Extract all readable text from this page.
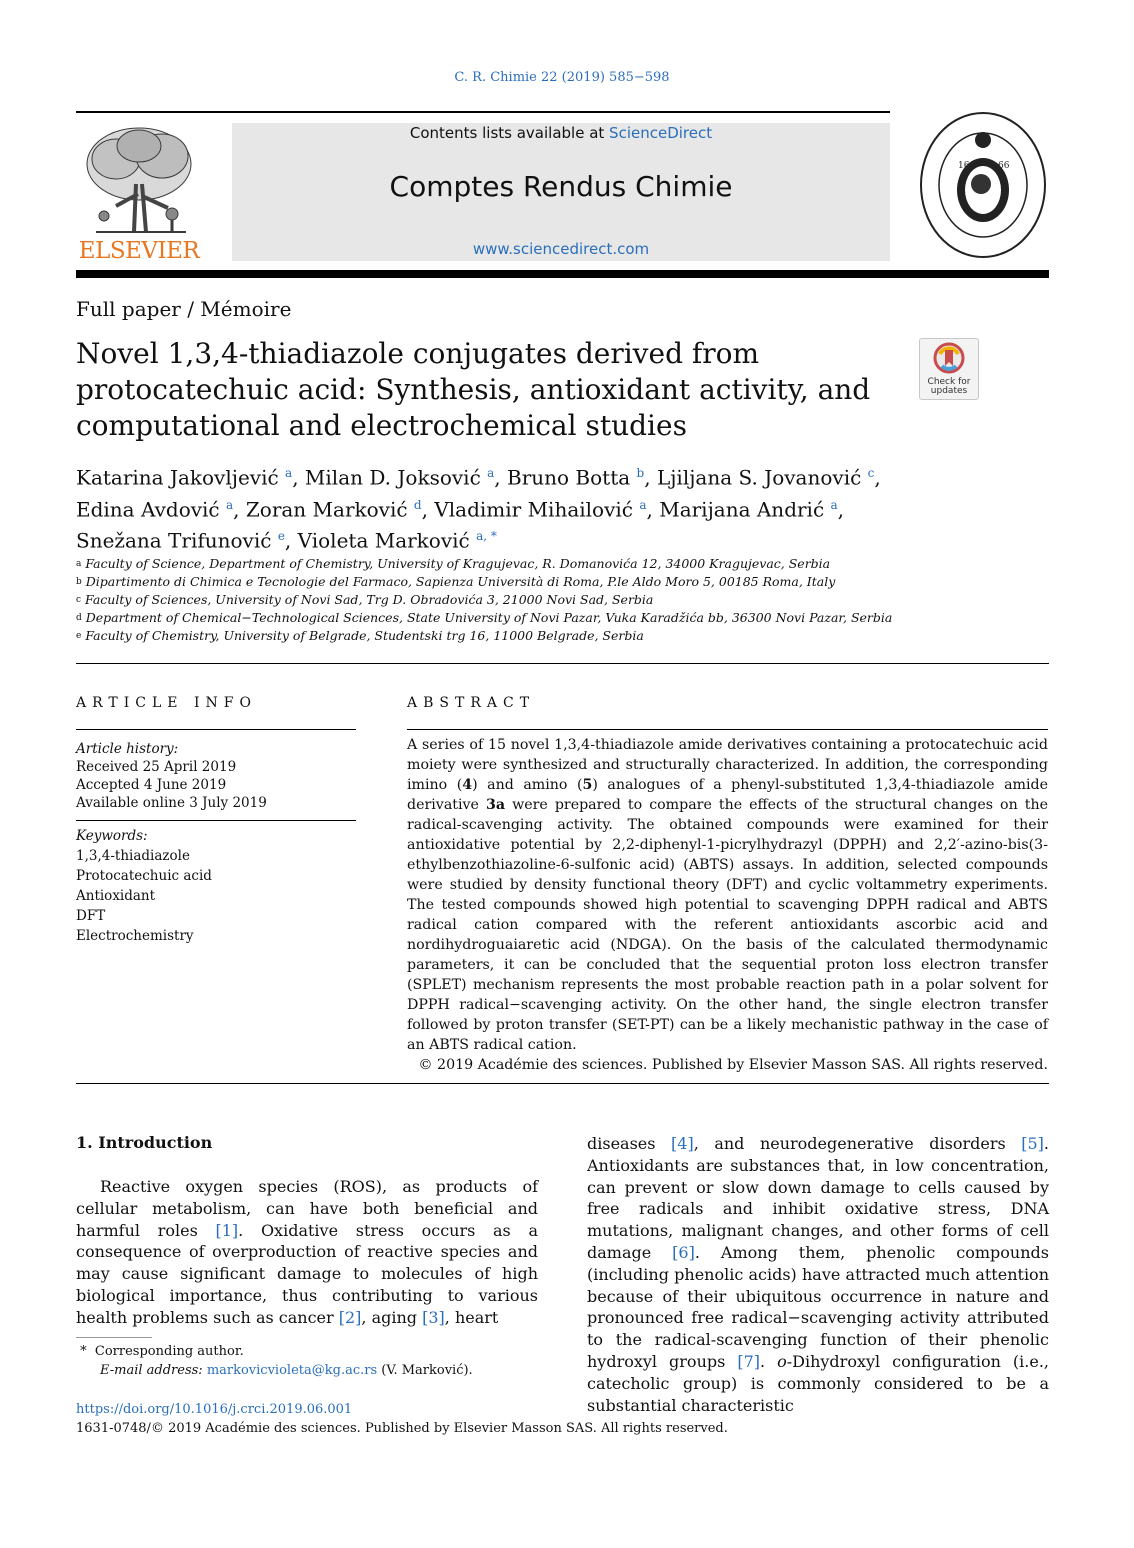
C. R. Chimie 22 (2019) 585−598
ELSEVIER
Contents lists available at ScienceDirect
Comptes Rendus Chimie
www.sciencedirect.com
16	66
Full paper / Mémoire
Novel 1,3,4-thiadiazole conjugates derived from protocatechuic acid: Synthesis, antioxidant activity, and computational and electrochemical studies
Check for updates
Katarina Jakovljević $^a$, Milan D. Joksović $^a$, Bruno Botta $^b$, Ljiljana S. Jovanović $^c$,
Edina Avdović $^a$, Zoran Marković $^d$, Vladimir Mihailović $^a$, Marijana Andrić $^a$,
Snežana Trifunović $^e$, Violeta Marković $^{a, *}$
$^a$ Faculty of Science, Department of Chemistry, University of Kragujevac, R. Domanovića 12, 34000 Kragujevac, Serbia
$^b$ Dipartimento di Chimica e Tecnologie del Farmaco, Sapienza Università di Roma, P.le Aldo Moro 5, 00185 Roma, Italy
$^c$ Faculty of Sciences, University of Novi Sad, Trg D. Obradovića 3, 21000 Novi Sad, Serbia
$^d$ Department of Chemical−Technological Sciences, State University of Novi Pazar, Vuka Karadžića bb, 36300 Novi Pazar, Serbia
$^e$ Faculty of Chemistry, University of Belgrade, Studentski trg 16, 11000 Belgrade, Serbia
ARTICLE INFO
Article history:
Received 25 April 2019
Accepted 4 June 2019
Available online 3 July 2019
Keywords:
1,3,4-thiadiazole
Protocatechuic acid
Antioxidant
DFT
Electrochemistry
ABSTRACT
A series of 15 novel 1,3,4-thiadiazole amide derivatives containing a protocatechuic acid moiety were synthesized and structurally characterized. In addition, the corresponding imino (4) and amino (5) analogues of a phenyl-substituted 1,3,4-thiadiazole amide derivative 3a were prepared to compare the effects of the structural changes on the radical-scavenging activity. The obtained compounds were examined for their antioxidative potential by 2,2-diphenyl-1-picrylhydrazyl (DPPH) and 2,2′-azino-bis(3-ethylbenzothiazoline-6-sulfonic acid) (ABTS) assays. In addition, selected compounds were studied by density functional theory (DFT) and cyclic voltammetry experiments. The tested compounds showed high potential to scavenging DPPH radical and ABTS radical cation compared with the referent antioxidants ascorbic acid and nordihydroguaiaretic acid (NDGA). On the basis of the calculated thermodynamic parameters, it can be concluded that the sequential proton loss electron transfer (SPLET) mechanism represents the most probable reaction path in a polar solvent for DPPH radical−scavenging activity. On the other hand, the single electron transfer followed by proton transfer (SET-PT) can be a likely mechanistic pathway in the case of an ABTS radical cation.
© 2019 Académie des sciences. Published by Elsevier Masson SAS. All rights reserved.
1. Introduction
Reactive oxygen species (ROS), as products of cellular metabolism, can have both beneficial and harmful roles [1]. Oxidative stress occurs as a consequence of overproduction of reactive species and may cause significant damage to molecules of high biological importance, thus contributing to various health problems such as cancer [2], aging [3], heart
diseases [4], and neurodegenerative disorders [5]. Antioxidants are substances that, in low concentration, can prevent or slow down damage to cells caused by free radicals and inhibit oxidative stress, DNA mutations, malignant changes, and other forms of cell damage [6]. Among them, phenolic compounds (including phenolic acids) have attracted much attention because of their ubiquitous occurrence in nature and pronounced free radical−scavenging activity attributed to the radical-scavenging function of their phenolic hydroxyl groups [7]. o-Dihydroxyl configuration (i.e., catecholic group) is commonly considered to be a substantial characteristic
* Corresponding author.
E-mail address: markovicvioleta@kg.ac.rs (V. Marković).
https://doi.org/10.1016/j.crci.2019.06.001
1631-0748/© 2019 Académie des sciences. Published by Elsevier Masson SAS. All rights reserved.
